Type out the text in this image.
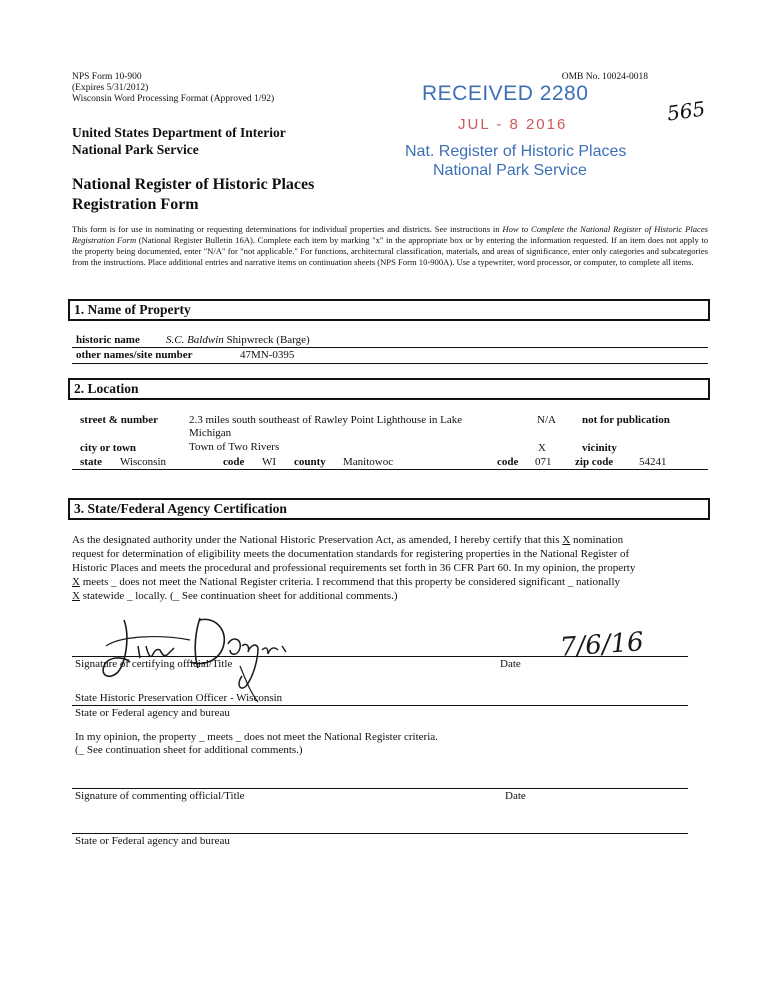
NPS Form 10-900
(Expires 5/31/2012)
Wisconsin Word Processing Format (Approved 1/92)
OMB No. 10024-0018
United States Department of Interior
National Park Service
National Register of Historic Places
Registration Form
RECEIVED 2280
JUL - 8 2016
Nat. Register of Historic Places
National Park Service
565
This form is for use in nominating or requesting determinations for individual properties and districts. See instructions in How to Complete the National Register of Historic Places Registration Form (National Register Bulletin 16A). Complete each item by marking "x" in the appropriate box or by entering the information requested. If an item does not apply to the property being documented, enter "N/A" for "not applicable." For functions, architectural classification, materials, and areas of significance, enter only categories and subcategories from the instructions. Place additional entries and narrative items on continuation sheets (NPS Form 10-900A). Use a typewriter, word processor, or computer, to complete all items.
1. Name of Property
historic name S.C. Baldwin Shipwreck (Barge)
other names/site number	47MN-0395
2. Location
street & number	2.3 miles south southeast of Rawley Point Lighthouse in Lake
Michigan
N/A not for publication
city or town	Town of Two Rivers	X	vicinity
state Wisconsin	code WI county Manitowoc	code 071 zip code 54241
3. State/Federal Agency Certification
As the designated authority under the National Historic Preservation Act, as amended, I hereby certify that this X nomination
request for determination of eligibility meets the documentation standards for registering properties in the National Register of
Historic Places and meets the procedural and professional requirements set forth in 36 CFR Part 60. In my opinion, the property
X meets _ does not meet the National Register criteria. I recommend that this property be considered significant _ nationally
X statewide _ locally. (_ See continuation sheet for additional comments.)
Signature of certifying official/Title	Date
7/6/16
State Historic Preservation Officer - Wisconsin
State or Federal agency and bureau
In my opinion, the property _ meets _ does not meet the National Register criteria.
(_ See continuation sheet for additional comments.)
Signature of commenting official/Title	Date
State or Federal agency and bureau
